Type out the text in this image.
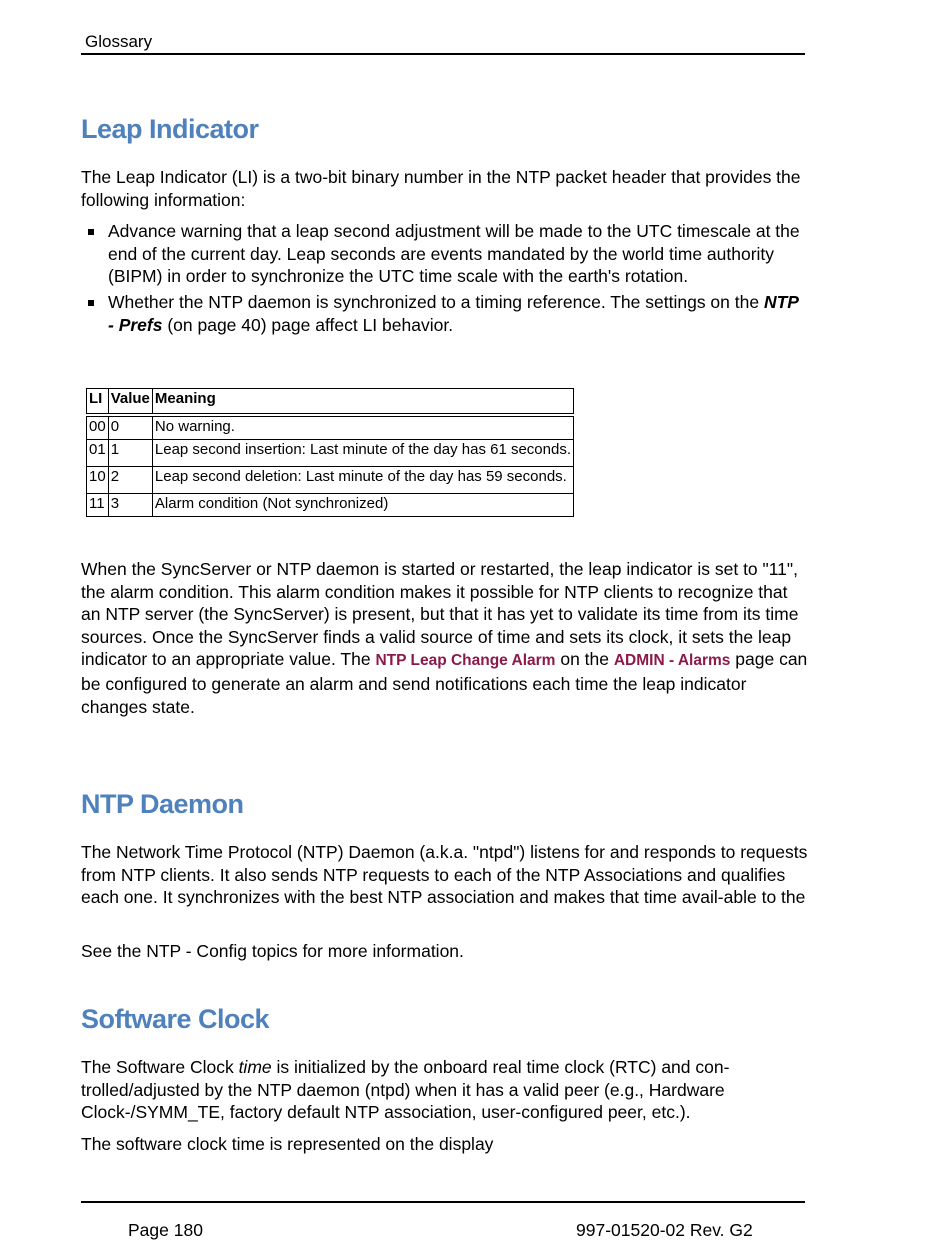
Glossary
Leap Indicator

The Leap Indicator (LI) is a two-bit binary number in the NTP packet header that provides the following information:

Advance warning that a leap second adjustment will be made to the UTC timescale at the end of the current day. Leap seconds are events mandated by the world time authority (BIPM) in order to synchronize the UTC time scale with the earth's rotation.
Whether the NTP daemon is synchronized to a timing reference. The settings on the NTP - Prefs (on page 40) page affect LI behavior.
LI	Value	Meaning
00	0	No warning.
01	1	Leap second insertion: Last minute of the day has 61 seconds.
10	2	Leap second deletion: Last minute of the day has 59 seconds.
11	3	Alarm condition (Not synchronized)

When the SyncServer or NTP daemon is started or restarted, the leap indicator is set to "11", the alarm condition. This alarm condition makes it possible for NTP clients to recognize that an NTP server (the SyncServer) is present, but that it has yet to validate its time from its time sources. Once the SyncServer finds a valid source of time and sets its clock, it sets the leap indicator to an appropriate value. The NTP Leap Change Alarm on the ADMIN - Alarms page can be configured to generate an alarm and send notifications each time the leap indicator changes state.

NTP Daemon

The Network Time Protocol (NTP) Daemon (a.k.a. "ntpd") listens for and responds to requests from NTP clients. It also sends NTP requests to each of the NTP Associations and qualifies each one. It synchronizes with the best NTP association and makes that time avail-able to the

See the NTP - Config topics for more information.

Software Clock

The Software Clock time is initialized by the onboard real time clock (RTC) and con-trolled/adjusted by the NTP daemon (ntpd) when it has a valid peer (e.g., Hardware Clock-/SYMM_TE, factory default NTP association, user-configured peer, etc.).

The software clock time is represented on the display

Page 180	997-01520-02 Rev. G2
